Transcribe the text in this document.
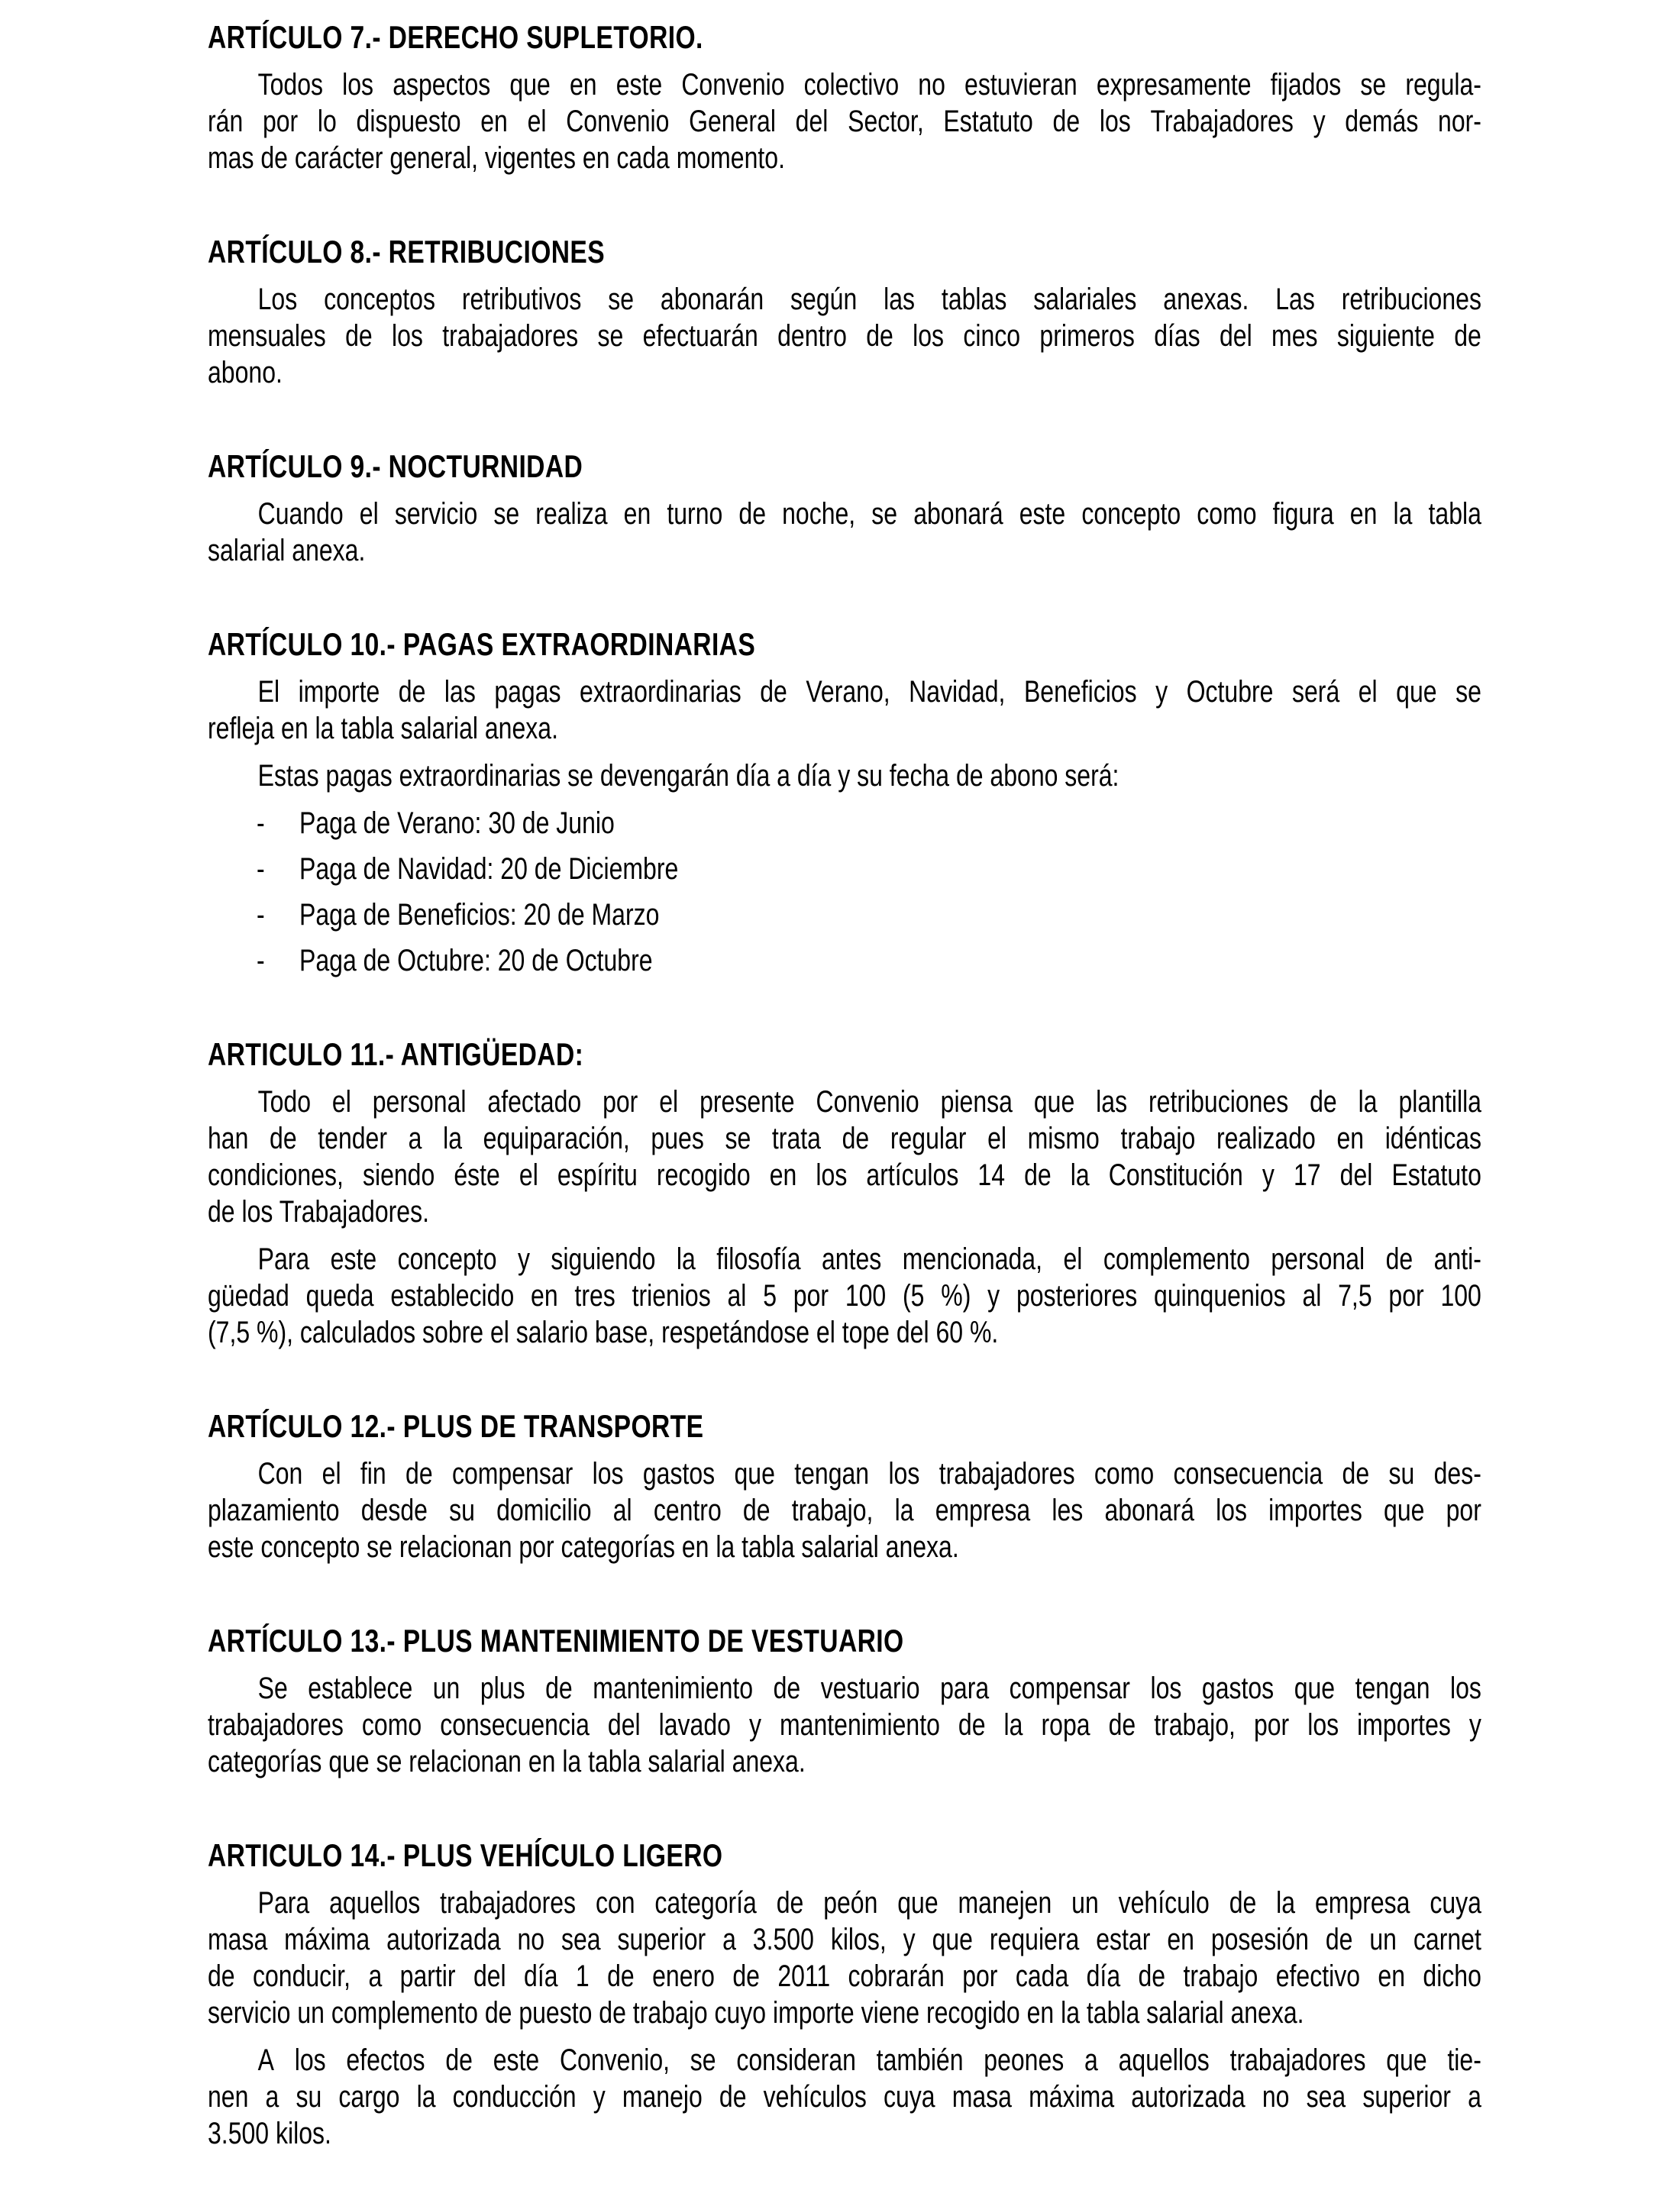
ARTÍCULO 7.- DERECHO SUPLETORIO.
Todos los aspectos que en este Convenio colectivo no estuvieran expresamente fijados se regula-
rán por lo dispuesto en el Convenio General del Sector, Estatuto de los Trabajadores y demás nor-
mas de carácter general, vigentes en cada momento.
ARTÍCULO 8.- RETRIBUCIONES
Los conceptos retributivos se abonarán según las tablas salariales anexas. Las retribuciones
mensuales de los trabajadores se efectuarán dentro de los cinco primeros días del mes siguiente de
abono.
ARTÍCULO 9.- NOCTURNIDAD
Cuando el servicio se realiza en turno de noche, se abonará este concepto como figura en la tabla
salarial anexa.
ARTÍCULO 10.- PAGAS EXTRAORDINARIAS
El importe de las pagas extraordinarias de Verano, Navidad, Beneficios y Octubre será el que se
refleja en la tabla salarial anexa.
Estas pagas extraordinarias se devengarán día a día y su fecha de abono será:
- Paga de Verano: 30 de Junio
- Paga de Navidad: 20 de Diciembre
- Paga de Beneficios: 20 de Marzo
- Paga de Octubre: 20 de Octubre
ARTICULO 11.- ANTIGÜEDAD:
Todo el personal afectado por el presente Convenio piensa que las retribuciones de la plantilla
han de tender a la equiparación, pues se trata de regular el mismo trabajo realizado en idénticas
condiciones, siendo éste el espíritu recogido en los artículos 14 de la Constitución y 17 del Estatuto
de los Trabajadores.
Para este concepto y siguiendo la filosofía antes mencionada, el complemento personal de anti-
güedad queda establecido en tres trienios al 5 por 100 (5 %) y posteriores quinquenios al 7,5 por 100
(7,5 %), calculados sobre el salario base, respetándose el tope del 60 %.
ARTÍCULO 12.- PLUS DE TRANSPORTE
Con el fin de compensar los gastos que tengan los trabajadores como consecuencia de su des-
plazamiento desde su domicilio al centro de trabajo, la empresa les abonará los importes que por
este concepto se relacionan por categorías en la tabla salarial anexa.
ARTÍCULO 13.- PLUS MANTENIMIENTO DE VESTUARIO
Se establece un plus de mantenimiento de vestuario para compensar los gastos que tengan los
trabajadores como consecuencia del lavado y mantenimiento de la ropa de trabajo, por los importes y
categorías que se relacionan en la tabla salarial anexa.
ARTICULO 14.- PLUS VEHÍCULO LIGERO
Para aquellos trabajadores con categoría de peón que manejen un vehículo de la empresa cuya
masa máxima autorizada no sea superior a 3.500 kilos, y que requiera estar en posesión de un carnet
de conducir, a partir del día 1 de enero de 2011 cobrarán por cada día de trabajo efectivo en dicho
servicio un complemento de puesto de trabajo cuyo importe viene recogido en la tabla salarial anexa.
A los efectos de este Convenio, se consideran también peones a aquellos trabajadores que tie-
nen a su cargo la conducción y manejo de vehículos cuya masa máxima autorizada no sea superior a
3.500 kilos.
